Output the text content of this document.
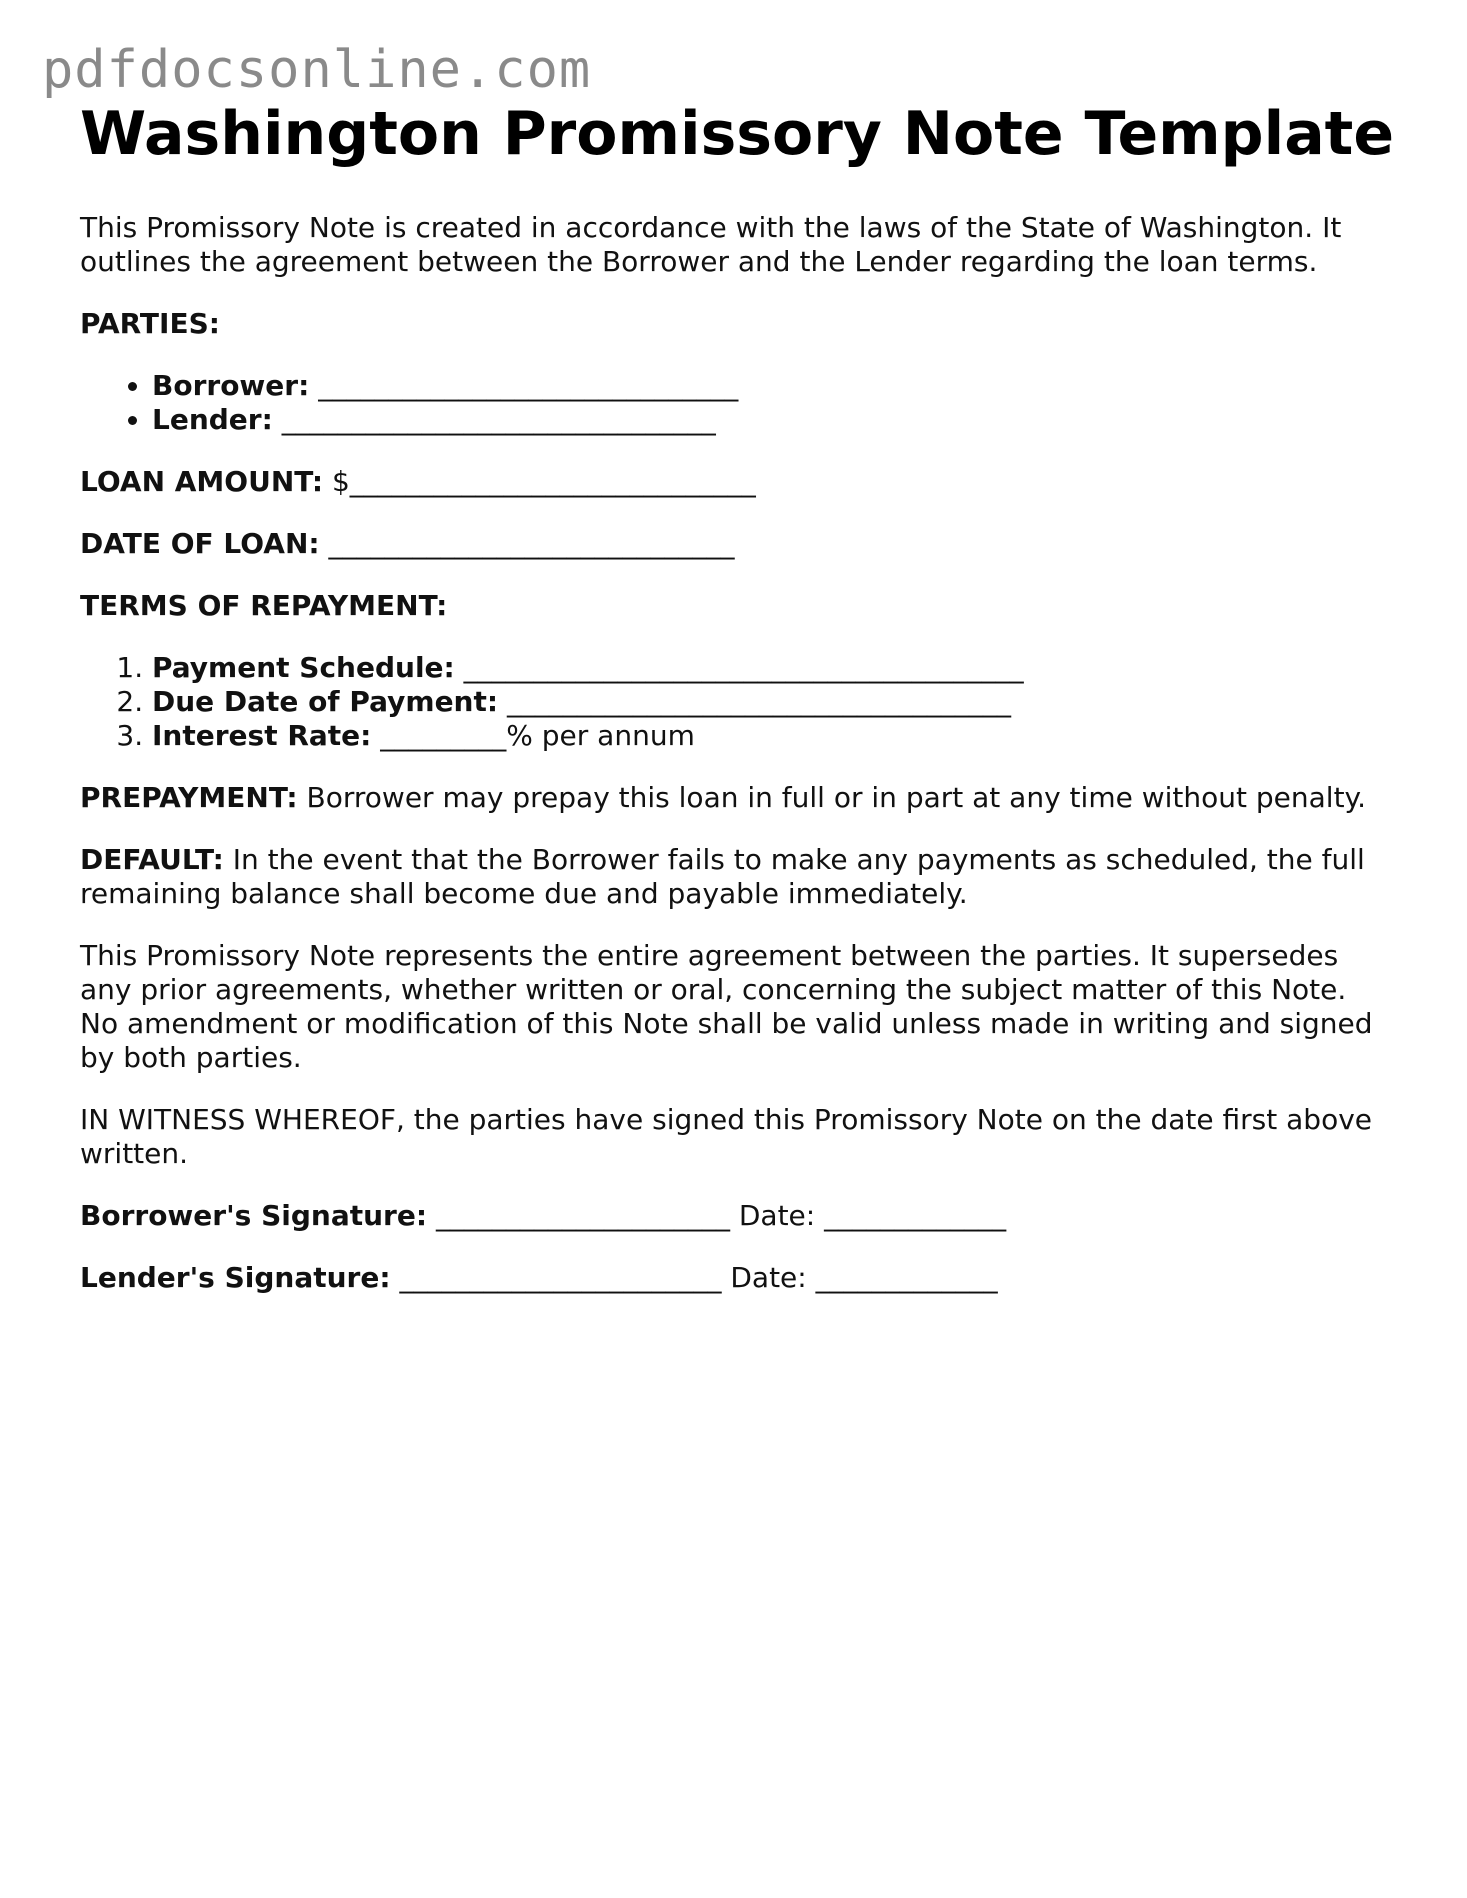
pdfdocsonline.com
Washington Promissory Note Template

This Promissory Note is created in accordance with the laws of the State of Washington. It outlines the agreement between the Borrower and the Lender regarding the loan terms.

PARTIES:

• Borrower: ______________________________
• Lender: _______________________________

LOAN AMOUNT: $_____________________________

DATE OF LOAN: _____________________________

TERMS OF REPAYMENT:

1. Payment Schedule: ________________________________________
2. Due Date of Payment: ____________________________________
3. Interest Rate: _________% per annum

PREPAYMENT: Borrower may prepay this loan in full or in part at any time without penalty.

DEFAULT: In the event that the Borrower fails to make any payments as scheduled, the full remaining balance shall become due and payable immediately.

This Promissory Note represents the entire agreement between the parties. It supersedes any prior agreements, whether written or oral, concerning the subject matter of this Note. No amendment or modification of this Note shall be valid unless made in writing and signed by both parties.

IN WITNESS WHEREOF, the parties have signed this Promissory Note on the date first above written.

Borrower's Signature: _____________________ Date: _____________

Lender's Signature: _______________________ Date: _____________
